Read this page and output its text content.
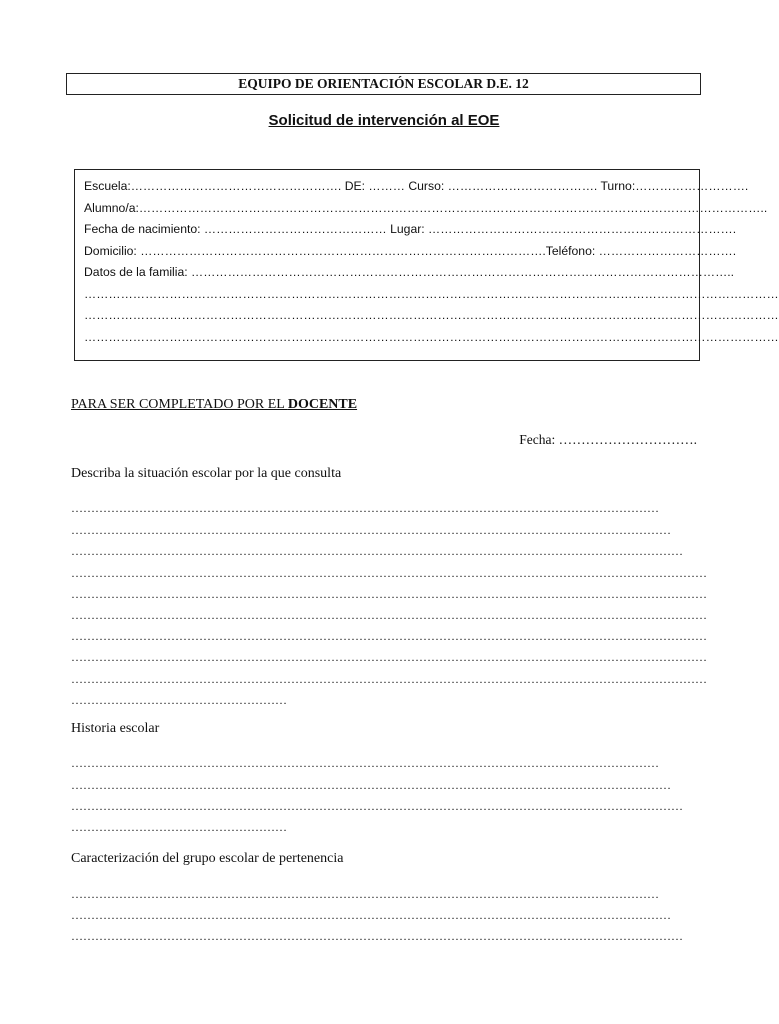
EQUIPO DE ORIENTACIÓN ESCOLAR D.E. 12
Solicitud de intervención al EOE
Escuela:……………………………………………. DE: ……… Curso: ………………………………. Turno:……………………….
Alumno/a:………………………………………………………………………………………………………………………………………..
Fecha de nacimiento: ……………………………………… Lugar: ………………………………………………………………….
Domicilio: ……………………………………………………………………………………….Teléfono: …………………………….
Datos de la familia: ……………………………………………………………………………………………………………………..
………………………………………………………………………………………………………………………………………………………
………………………………………………………………………………………………………………………………………………………
………………………………………………………………………………………………………………………………………………………
PARA SER COMPLETADO POR EL DOCENTE
Fecha: ………………………….
Describa la situación escolar por la que consulta
…………………………………………………………………………………………………………………………………
……………………………………………………………………………………………………………………………………
………………………………………………………………………………………………………………………………………
……………………………………………………………………………………………………………………………………………
……………………………………………………………………………………………………………………………………………
……………………………………………………………………………………………………………………………………………
……………………………………………………………………………………………………………………………………………
……………………………………………………………………………………………………………………………………………
……………………………………………………………………………………………………………………………………………
………………………………………………
Historia escolar
…………………………………………………………………………………………………………………………………
……………………………………………………………………………………………………………………………………
………………………………………………………………………………………………………………………………………
………………………………………………
Caracterización del grupo escolar de pertenencia
…………………………………………………………………………………………………………………………………
……………………………………………………………………………………………………………………………………
………………………………………………………………………………………………………………………………………
